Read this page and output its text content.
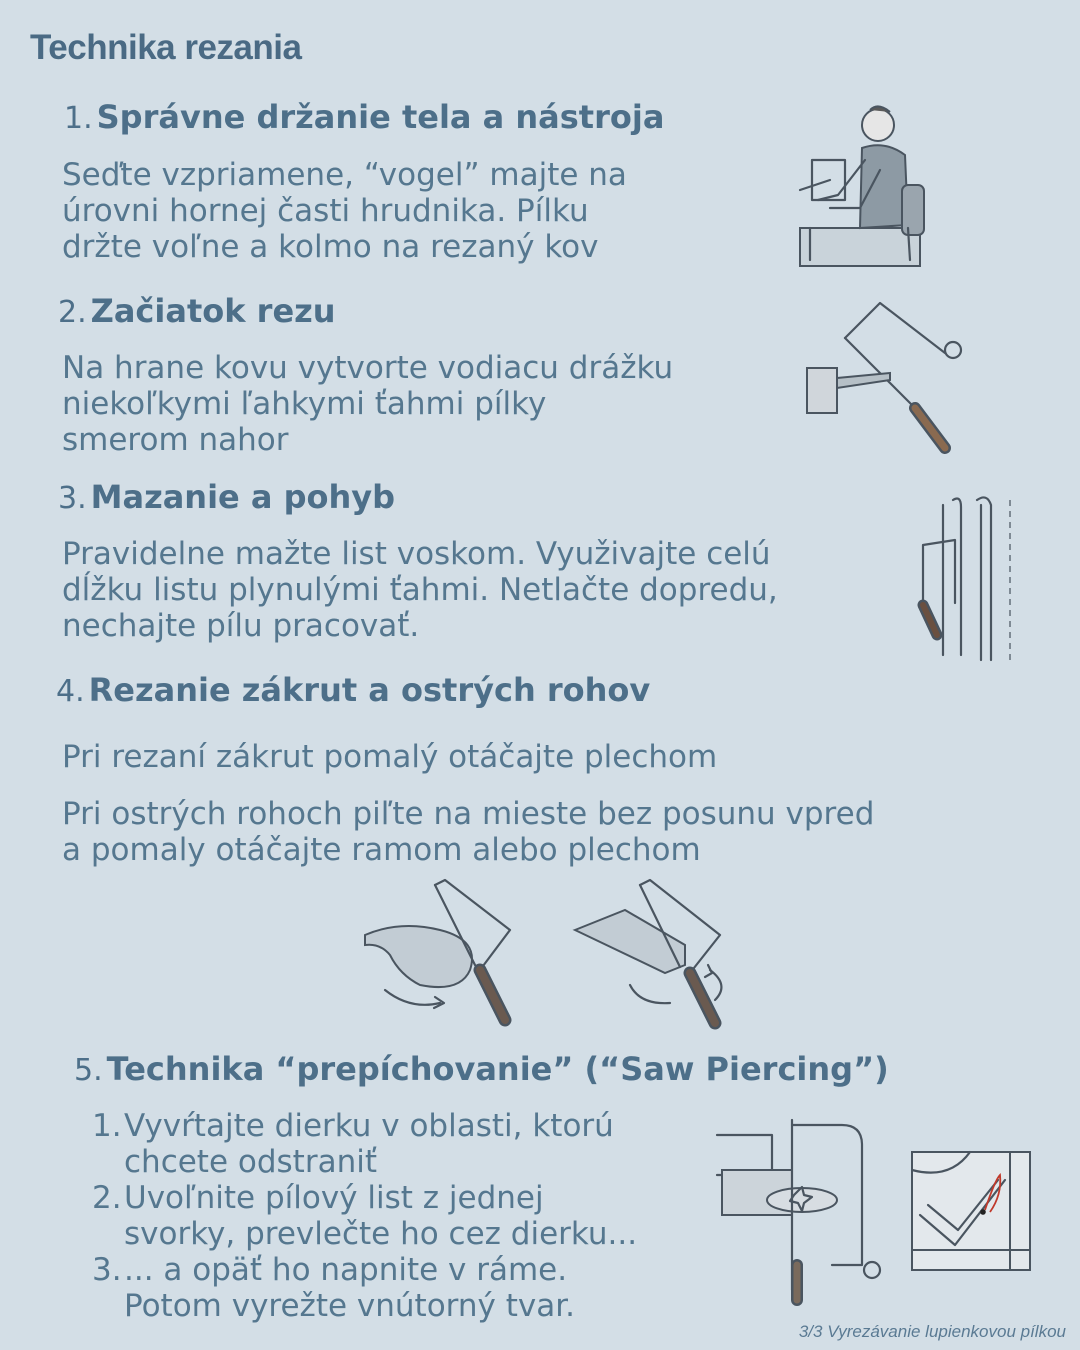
Technika rezania
1. Správne držanie tela a nástroja
Seďte vzpriamene, “vogel” majte na
úrovni hornej časti hrudnika. Pílku
držte voľne a kolmo na rezaný kov
2. Začiatok rezu
Na hrane kovu vytvorte vodiacu drážku
niekoľkymi ľahkymi ťahmi pílky
smerom nahor
3. Mazanie a pohyb
Pravidelne mažte list voskom. Využivajte celú
dĺžku listu plynulými ťahmi. Netlačte dopredu,
nechajte pílu pracovať.
4. Rezanie zákrut a ostrých rohov
Pri rezaní zákrut pomalý otáčajte plechom
Pri ostrých rohoch piľte na mieste bez posunu vpred
a pomaly otáčajte ramom alebo plechom
5. Technika “prepíchovanie” (“Saw Piercing”)
1. Vyvŕtajte dierku v oblasti, ktorú
chcete odstraniť
2. Uvoľnite pílový list z jednej
svorky, prevlečte ho cez dierku...
3. ... a opäť ho napnite v ráme.
Potom vyrežte vnútorný tvar.
3/3 Vyrezávanie lupienkovou pílkou
